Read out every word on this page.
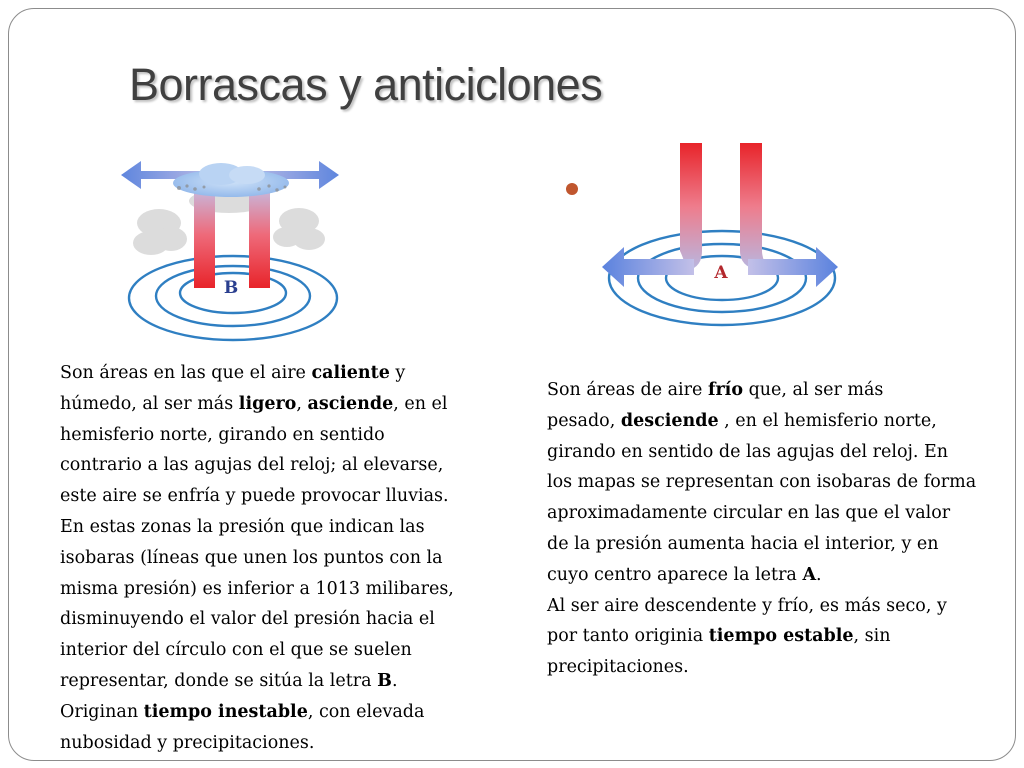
Borrascas y anticiclones
B
A
Son áreas en las que el aire caliente y
húmedo, al ser más ligero, asciende, en el
hemisferio norte, girando en sentido
contrario a las agujas del reloj; al elevarse,
este aire se enfría y puede provocar lluvias.
En estas zonas la presión que indican las
isobaras (líneas que unen los puntos con la
misma presión) es inferior a 1013 milibares,
disminuyendo el valor del presión hacia el
interior del círculo con el que se suelen
representar, donde se sitúa la letra B.
Originan tiempo inestable, con elevada
nubosidad y precipitaciones.
Son áreas de aire frío que, al ser más
pesado, desciende , en el hemisferio norte,
girando en sentido de las agujas del reloj. En
los mapas se representan con isobaras de forma
aproximadamente circular en las que el valor
de la presión aumenta hacia el interior, y en
cuyo centro aparece la letra A.
Al ser aire descendente y frío, es más seco, y
por tanto originia tiempo estable, sin
precipitaciones.
